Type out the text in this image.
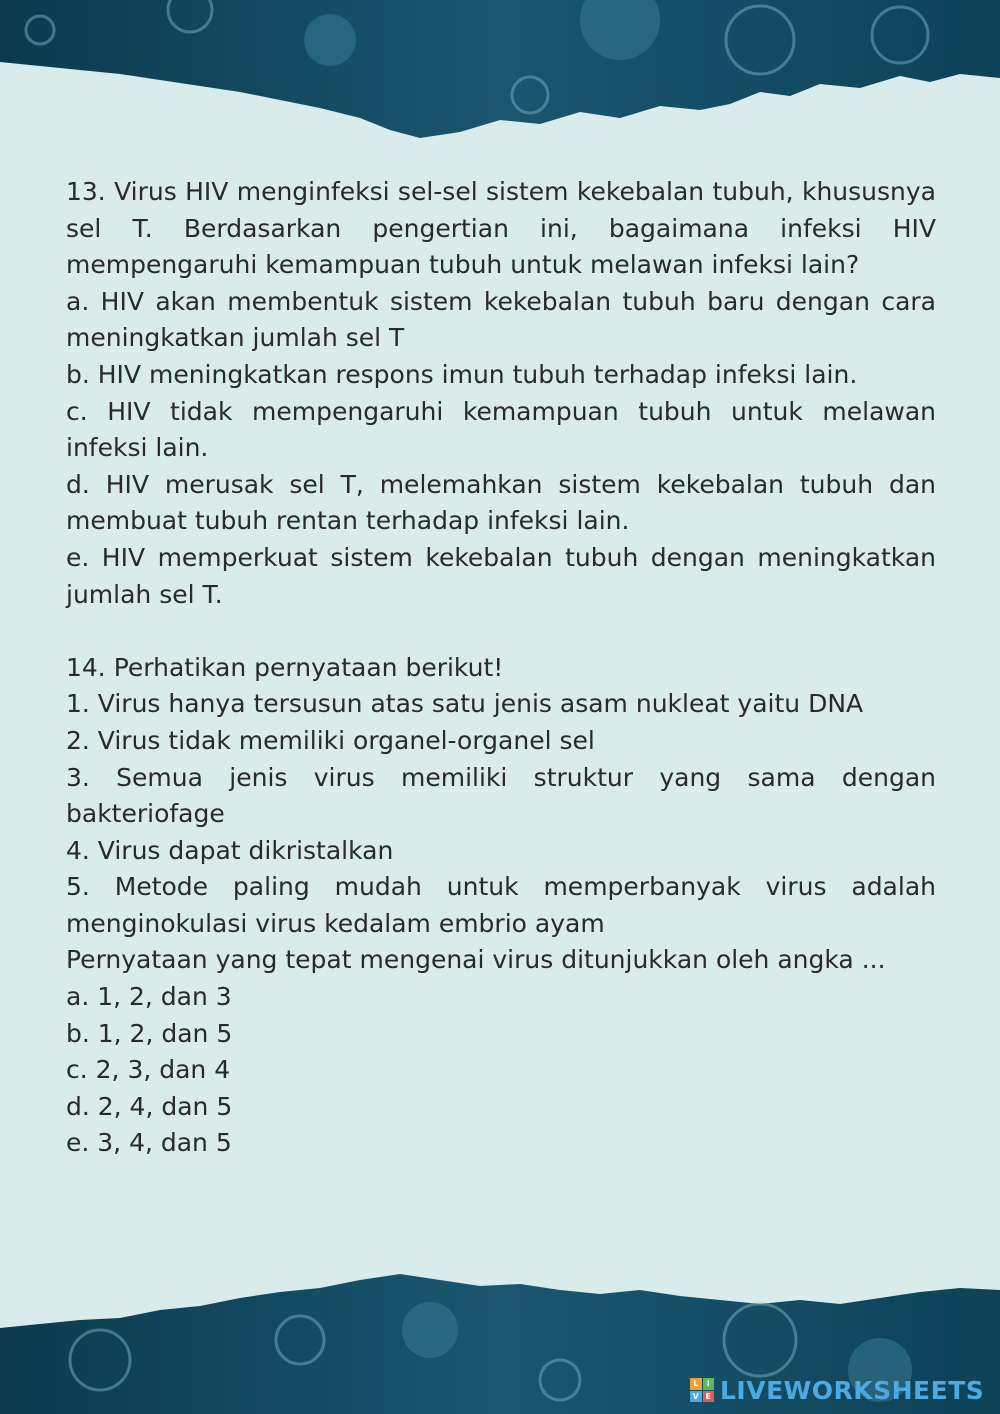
13. Virus HIV menginfeksi sel-sel sistem kekebalan tubuh, khususnya sel T. Berdasarkan pengertian ini, bagaimana infeksi HIV mempengaruhi kemampuan tubuh untuk melawan infeksi lain?

a. HIV akan membentuk sistem kekebalan tubuh baru dengan cara meningkatkan jumlah sel T

b. HIV meningkatkan respons imun tubuh terhadap infeksi lain.

c. HIV tidak mempengaruhi kemampuan tubuh untuk melawan infeksi lain.

d. HIV merusak sel T, melemahkan sistem kekebalan tubuh dan membuat tubuh rentan terhadap infeksi lain.

e. HIV memperkuat sistem kekebalan tubuh dengan meningkatkan jumlah sel T.

14. Perhatikan pernyataan berikut!

1. Virus hanya tersusun atas satu jenis asam nukleat yaitu DNA

2. Virus tidak memiliki organel-organel sel

3. Semua jenis virus memiliki struktur yang sama dengan bakteriofage

4. Virus dapat dikristalkan

5. Metode paling mudah untuk memperbanyak virus adalah menginokulasi virus kedalam embrio ayam

Pernyataan yang tepat mengenai virus ditunjukkan oleh angka ...

a. 1, 2, dan 3

b. 1, 2, dan 5

c. 2, 3, dan 4

d. 2, 4, dan 5

e. 3, 4, dan 5

L	I
V E LIVEWORKSHEETS
